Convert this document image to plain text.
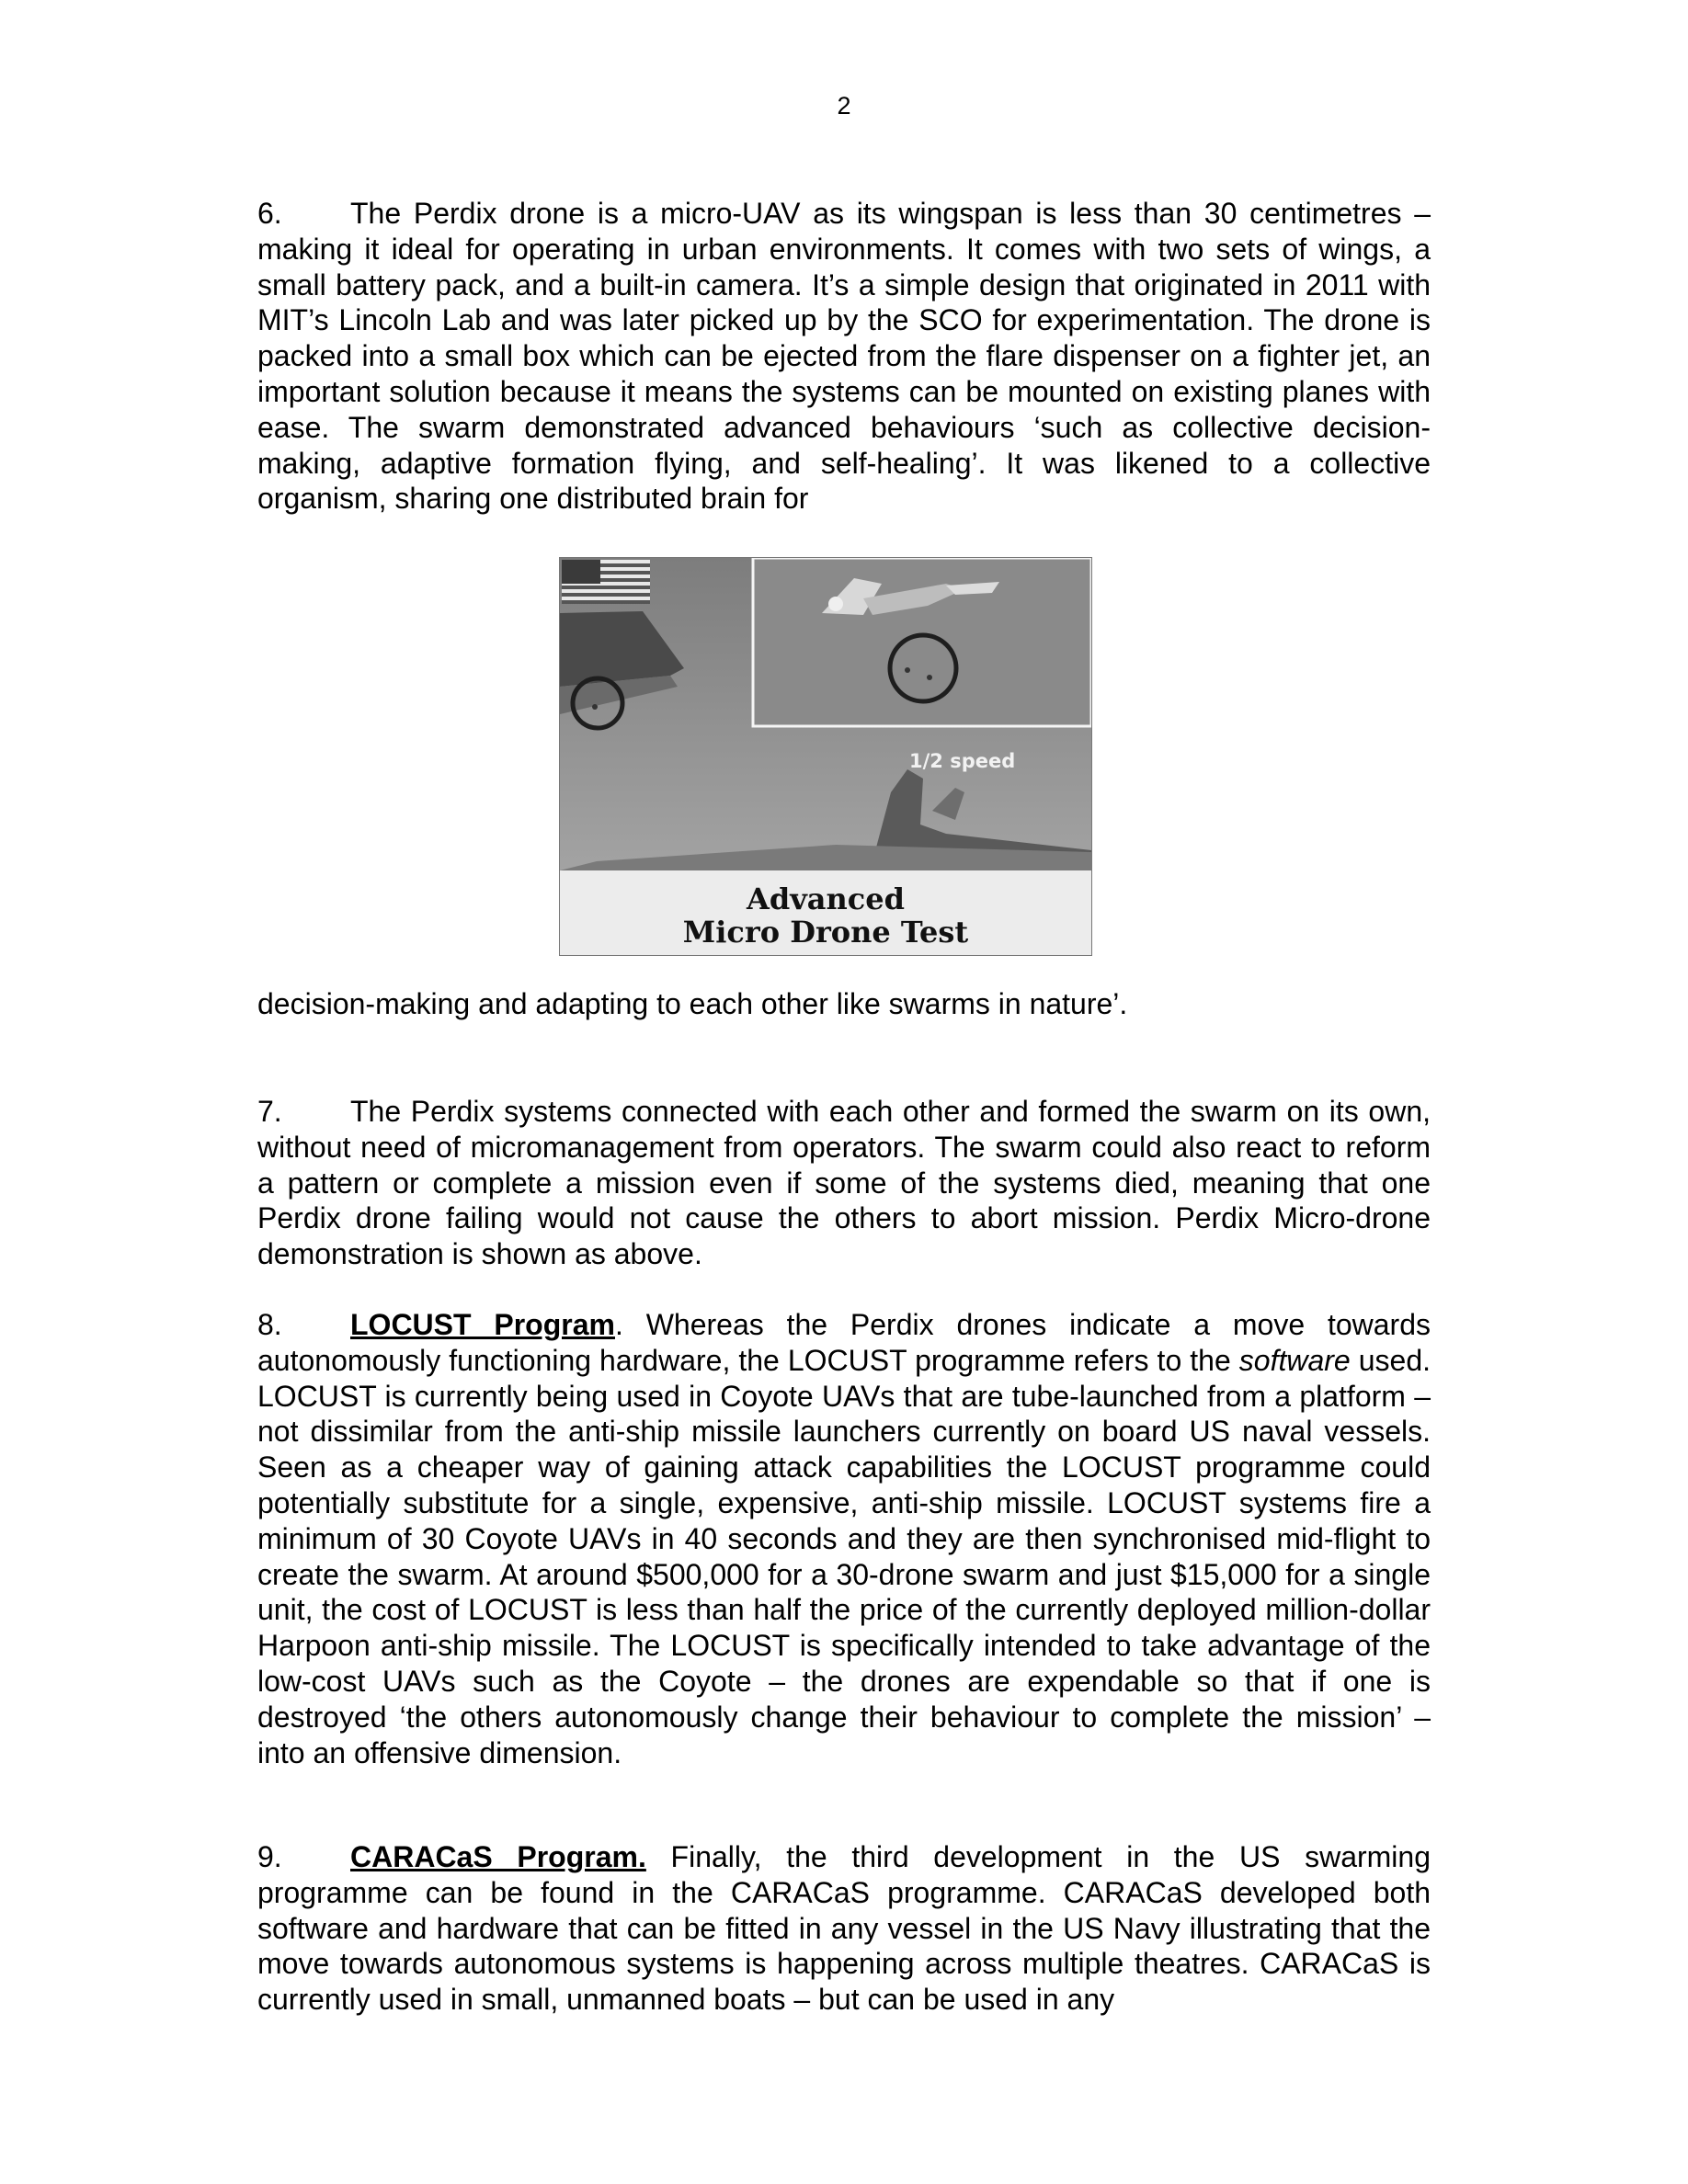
2

6. The Perdix drone is a micro-UAV as its wingspan is less than 30 centimetres – making it ideal for operating in urban environments. It comes with two sets of wings, a small battery pack, and a built-in camera. It’s a simple design that originated in 2011 with MIT’s Lincoln Lab and was later picked up by the SCO for experimentation. The drone is packed into a small box which can be ejected from the flare dispenser on a fighter jet, an important solution because it means the systems can be mounted on existing planes with ease. The swarm demonstrated advanced behaviours ‘such as collective decision-making, adaptive formation flying, and self-healing’. It was likened to a collective organism, sharing one distributed brain for

1/2 speed
Advanced
Micro Drone Test
decision-making and adapting to each other like swarms in nature’.

7. The Perdix systems connected with each other and formed the swarm on its own, without need of micromanagement from operators. The swarm could also react to reform a pattern or complete a mission even if some of the systems died, meaning that one Perdix drone failing would not cause the others to abort mission. Perdix Micro-drone demonstration is shown as above.

8. LOCUST Program. Whereas the Perdix drones indicate a move towards autonomously functioning hardware, the LOCUST programme refers to the software used. LOCUST is currently being used in Coyote UAVs that are tube-launched from a platform – not dissimilar from the anti-ship missile launchers currently on board US naval vessels. Seen as a cheaper way of gaining attack capabilities the LOCUST programme could potentially substitute for a single, expensive, anti-ship missile. LOCUST systems fire a minimum of 30 Coyote UAVs in 40 seconds and they are then synchronised mid-flight to create the swarm. At around $500,000 for a 30-drone swarm and just $15,000 for a single unit, the cost of LOCUST is less than half the price of the currently deployed million-dollar Harpoon anti-ship missile. The LOCUST is specifically intended to take advantage of the low-cost UAVs such as the Coyote – the drones are expendable so that if one is destroyed ‘the others autonomously change their behaviour to complete the mission’ – into an offensive dimension.

9. CARACaS Program. Finally, the third development in the US swarming programme can be found in the CARACaS programme. CARACaS developed both software and hardware that can be fitted in any vessel in the US Navy illustrating that the move towards autonomous systems is happening across multiple theatres. CARACaS is currently used in small, unmanned boats – but can be used in any
